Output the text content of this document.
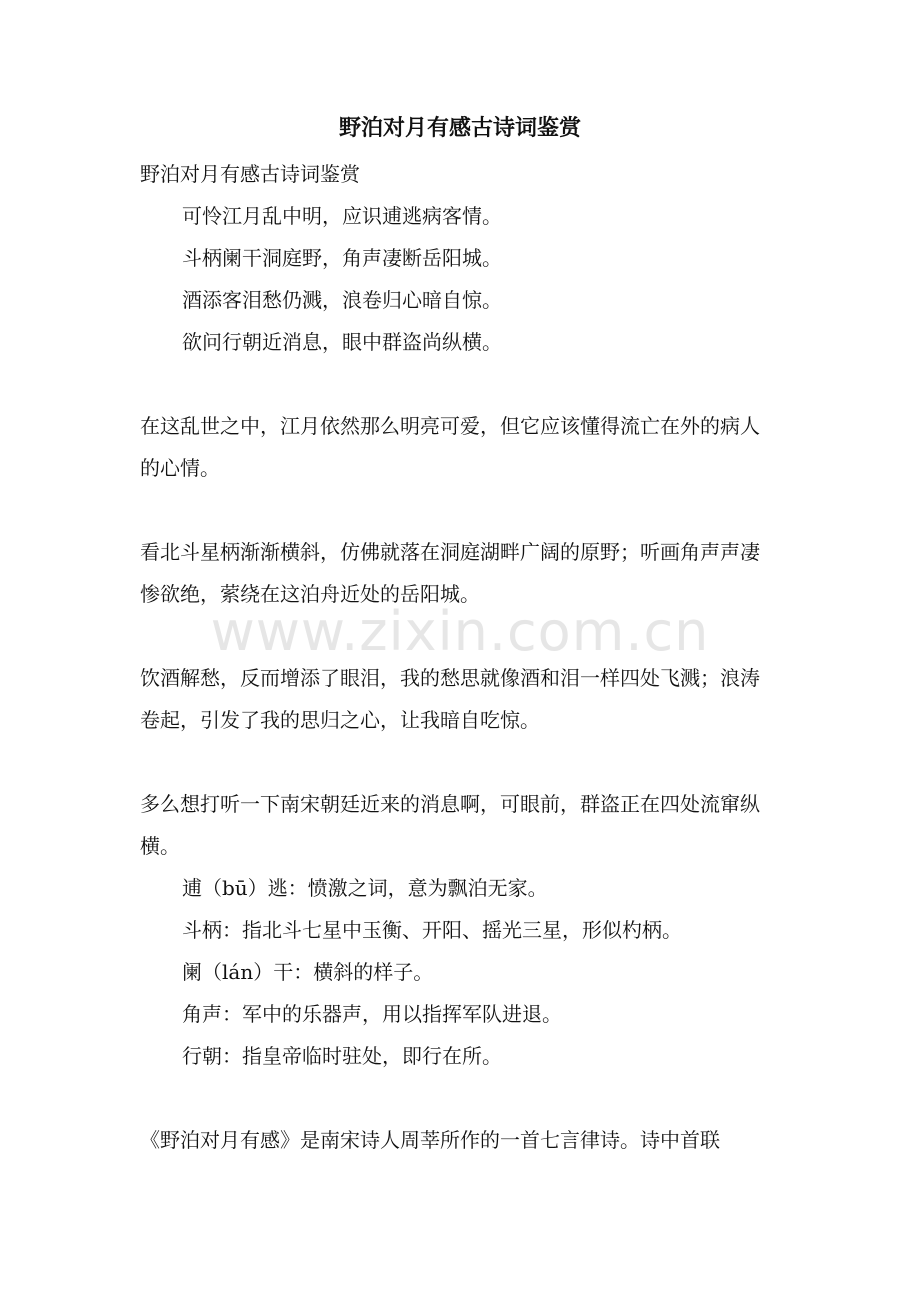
野泊对月有感古诗词鉴赏
野泊对月有感古诗词鉴赏
可怜江月乱中明，应识逋逃病客情。
斗柄阑干洞庭野，角声凄断岳阳城。
酒添客泪愁仍溅，浪卷归心暗自惊。
欲问行朝近消息，眼中群盗尚纵横。
在这乱世之中，江月依然那么明亮可爱，但它应该懂得流亡在外的病人的心情。
看北斗星柄渐渐横斜，仿佛就落在洞庭湖畔广阔的原野；听画角声声凄惨欲绝，萦绕在这泊舟近处的岳阳城。
饮酒解愁，反而增添了眼泪，我的愁思就像酒和泪一样四处飞溅；浪涛卷起，引发了我的思归之心，让我暗自吃惊。
多么想打听一下南宋朝廷近来的消息啊，可眼前，群盗正在四处流窜纵横。
逋（bū）逃：愤激之词，意为飘泊无家。
斗柄：指北斗七星中玉衡、开阳、摇光三星，形似杓柄。
阑（lán）干：横斜的样子。
角声：军中的乐器声，用以指挥军队进退。
行朝：指皇帝临时驻处，即行在所。
《野泊对月有感》是南宋诗人周莘所作的一首七言律诗。诗中首联
www.zixin.com.cn
